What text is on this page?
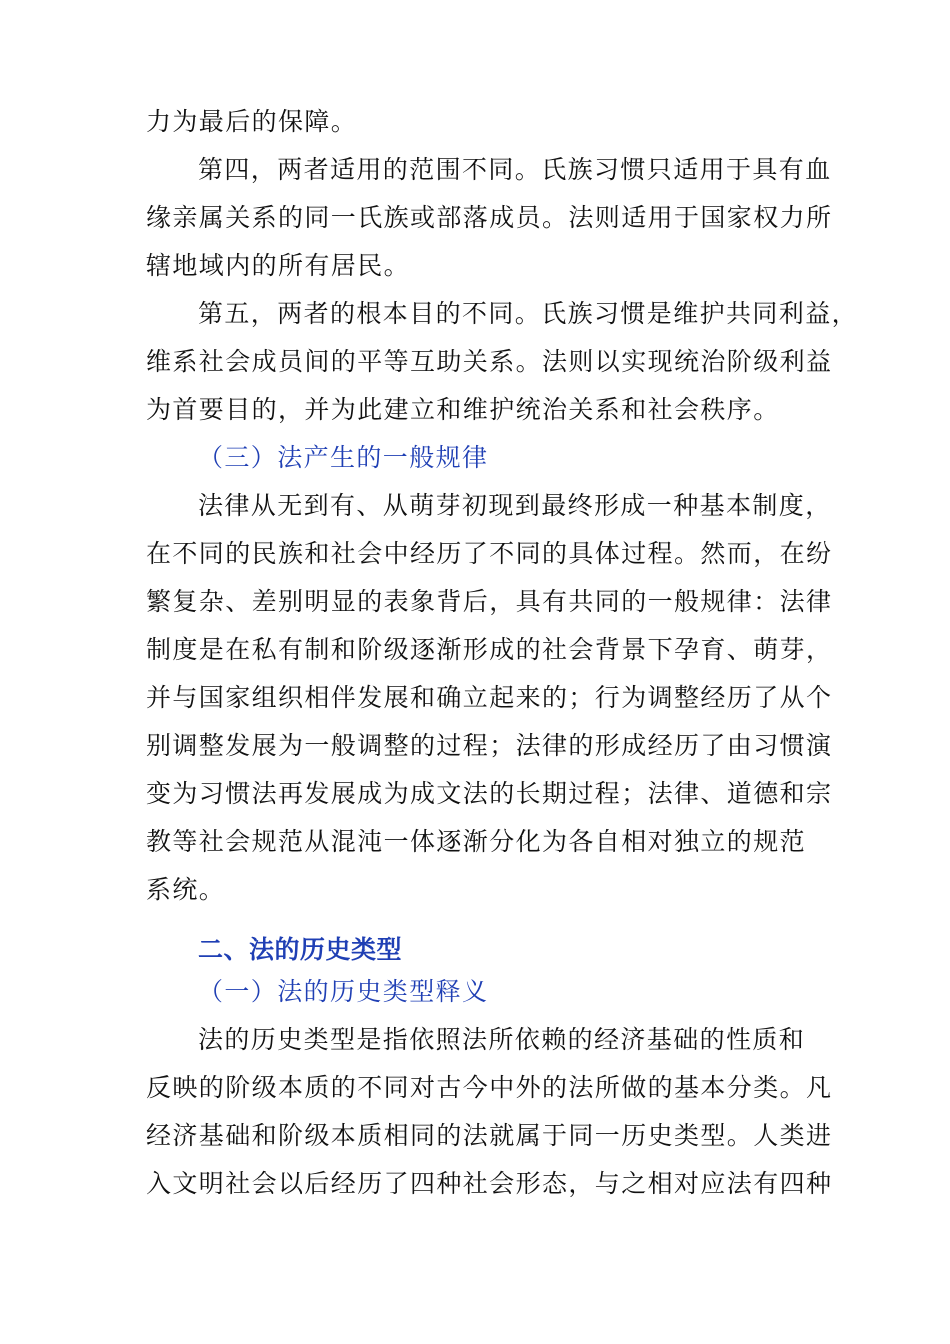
力为最后的保障。
第四，两者适用的范围不同。氏族习惯只适用于具有血
缘亲属关系的同一氏族或部落成员。法则适用于国家权力所
辖地域内的所有居民。
第五，两者的根本目的不同。氏族习惯是维护共同利益，
维系社会成员间的平等互助关系。法则以实现统治阶级利益
为首要目的，并为此建立和维护统治关系和社会秩序。
（三）法产生的一般规律
法律从无到有、从萌芽初现到最终形成一种基本制度，
在不同的民族和社会中经历了不同的具体过程。然而，在纷
繁复杂、差别明显的表象背后，具有共同的一般规律：法律
制度是在私有制和阶级逐渐形成的社会背景下孕育、萌芽，
并与国家组织相伴发展和确立起来的；行为调整经历了从个
别调整发展为一般调整的过程；法律的形成经历了由习惯演
变为习惯法再发展成为成文法的长期过程；法律、道德和宗
教等社会规范从混沌一体逐渐分化为各自相对独立的规范
系统。
二、法的历史类型
（一）法的历史类型释义
法的历史类型是指依照法所依赖的经济基础的性质和
反映的阶级本质的不同对古今中外的法所做的基本分类。凡
经济基础和阶级本质相同的法就属于同一历史类型。人类进
入文明社会以后经历了四种社会形态，与之相对应法有四种
